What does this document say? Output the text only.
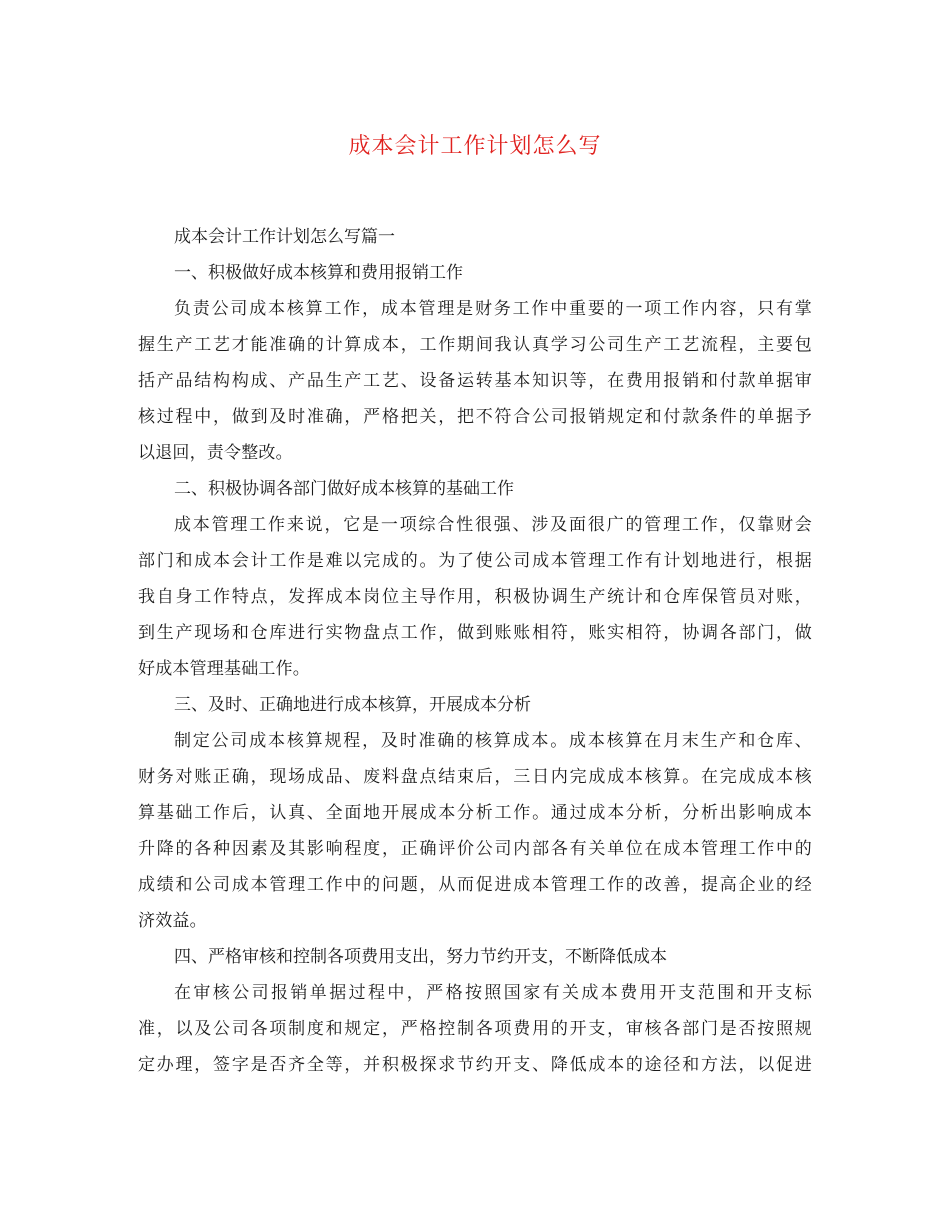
成本会计工作计划怎么写
成本会计工作计划怎么写篇一
一、积极做好成本核算和费用报销工作
负责公司成本核算工作，成本管理是财务工作中重要的一项工作内容，只有掌
握生产工艺才能准确的计算成本，工作期间我认真学习公司生产工艺流程，主要包
括产品结构构成、产品生产工艺、设备运转基本知识等，在费用报销和付款单据审
核过程中，做到及时准确，严格把关，把不符合公司报销规定和付款条件的单据予
以退回，责令整改。
二、积极协调各部门做好成本核算的基础工作
成本管理工作来说，它是一项综合性很强、涉及面很广的管理工作，仅靠财会
部门和成本会计工作是难以完成的。为了使公司成本管理工作有计划地进行，根据
我自身工作特点，发挥成本岗位主导作用，积极协调生产统计和仓库保管员对账，
到生产现场和仓库进行实物盘点工作，做到账账相符，账实相符，协调各部门，做
好成本管理基础工作。
三、及时、正确地进行成本核算，开展成本分析
制定公司成本核算规程，及时准确的核算成本。成本核算在月末生产和仓库、
财务对账正确，现场成品、废料盘点结束后，三日内完成成本核算。在完成成本核
算基础工作后，认真、全面地开展成本分析工作。通过成本分析，分析出影响成本
升降的各种因素及其影响程度，正确评价公司内部各有关单位在成本管理工作中的
成绩和公司成本管理工作中的问题，从而促进成本管理工作的改善，提高企业的经
济效益。
四、严格审核和控制各项费用支出，努力节约开支，不断降低成本
在审核公司报销单据过程中，严格按照国家有关成本费用开支范围和开支标
准，以及公司各项制度和规定，严格控制各项费用的开支，审核各部门是否按照规
定办理，签字是否齐全等，并积极探求节约开支、降低成本的途径和方法，以促进
